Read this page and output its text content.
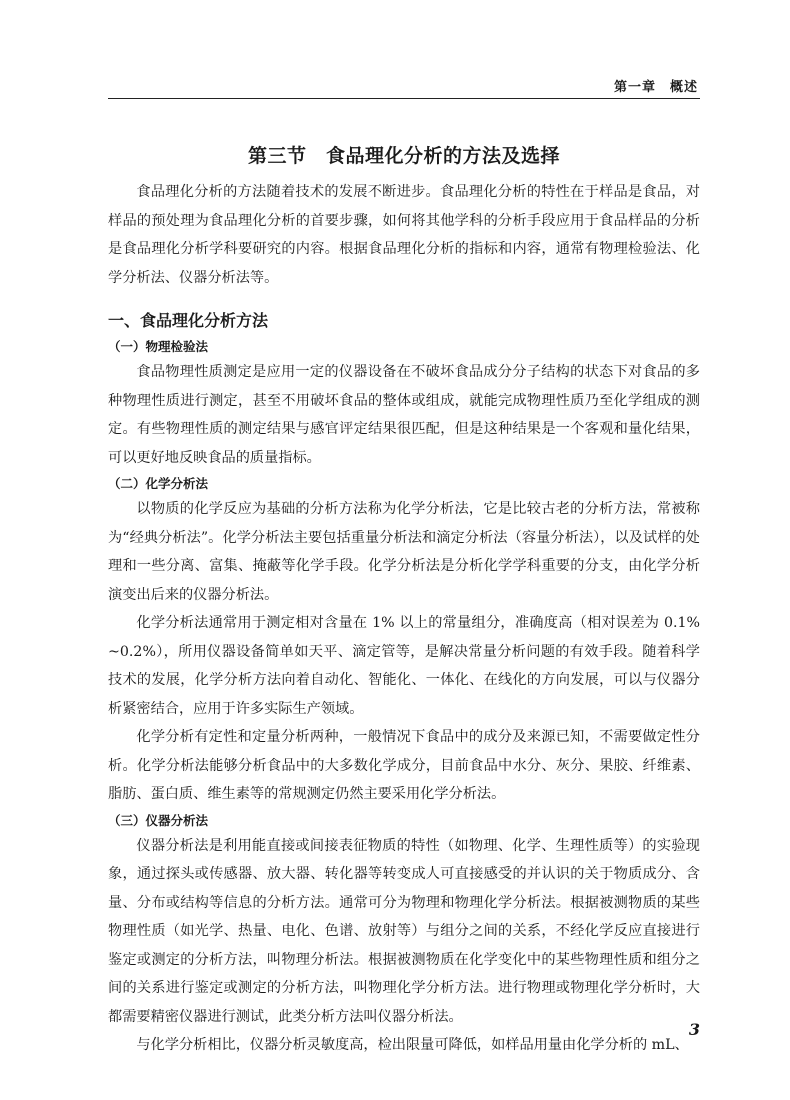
第一章　概述
第三节　食品理化分析的方法及选择

食品理化分析的方法随着技术的发展不断进步。食品理化分析的特性在于样品是食品，对样品的预处理为食品理化分析的首要步骤，如何将其他学科的分析手段应用于食品样品的分析是食品理化分析学科要研究的内容。根据食品理化分析的指标和内容，通常有物理检验法、化学分析法、仪器分析法等。

一、食品理化分析方法
（一）物理检验法

食品物理性质测定是应用一定的仪器设备在不破坏食品成分分子结构的状态下对食品的多种物理性质进行测定，甚至不用破坏食品的整体或组成，就能完成物理性质乃至化学组成的测定。有些物理性质的测定结果与感官评定结果很匹配，但是这种结果是一个客观和量化结果，可以更好地反映食品的质量指标。

（二）化学分析法

以物质的化学反应为基础的分析方法称为化学分析法，它是比较古老的分析方法，常被称为“经典分析法”。化学分析法主要包括重量分析法和滴定分析法（容量分析法），以及试样的处理和一些分离、富集、掩蔽等化学手段。化学分析法是分析化学学科重要的分支，由化学分析演变出后来的仪器分析法。

化学分析法通常用于测定相对含量在 1% 以上的常量组分，准确度高（相对误差为 0.1% ~0.2%），所用仪器设备简单如天平、滴定管等，是解决常量分析问题的有效手段。随着科学技术的发展，化学分析方法向着自动化、智能化、一体化、在线化的方向发展，可以与仪器分析紧密结合，应用于许多实际生产领域。

化学分析有定性和定量分析两种，一般情况下食品中的成分及来源已知，不需要做定性分析。化学分析法能够分析食品中的大多数化学成分，目前食品中水分、灰分、果胶、纤维素、脂肪、蛋白质、维生素等的常规测定仍然主要采用化学分析法。

（三）仪器分析法

仪器分析法是利用能直接或间接表征物质的特性（如物理、化学、生理性质等）的实验现象，通过探头或传感器、放大器、转化器等转变成人可直接感受的并认识的关于物质成分、含量、分布或结构等信息的分析方法。通常可分为物理和物理化学分析法。根据被测物质的某些物理性质（如光学、热量、电化、色谱、放射等）与组分之间的关系，不经化学反应直接进行鉴定或测定的分析方法，叫物理分析法。根据被测物质在化学变化中的某些物理性质和组分之间的关系进行鉴定或测定的分析方法，叫物理化学分析方法。进行物理或物理化学分析时，大都需要精密仪器进行测试，此类分析方法叫仪器分析法。

与化学分析相比，仪器分析灵敏度高，检出限量可降低，如样品用量由化学分析的 mL、

3
